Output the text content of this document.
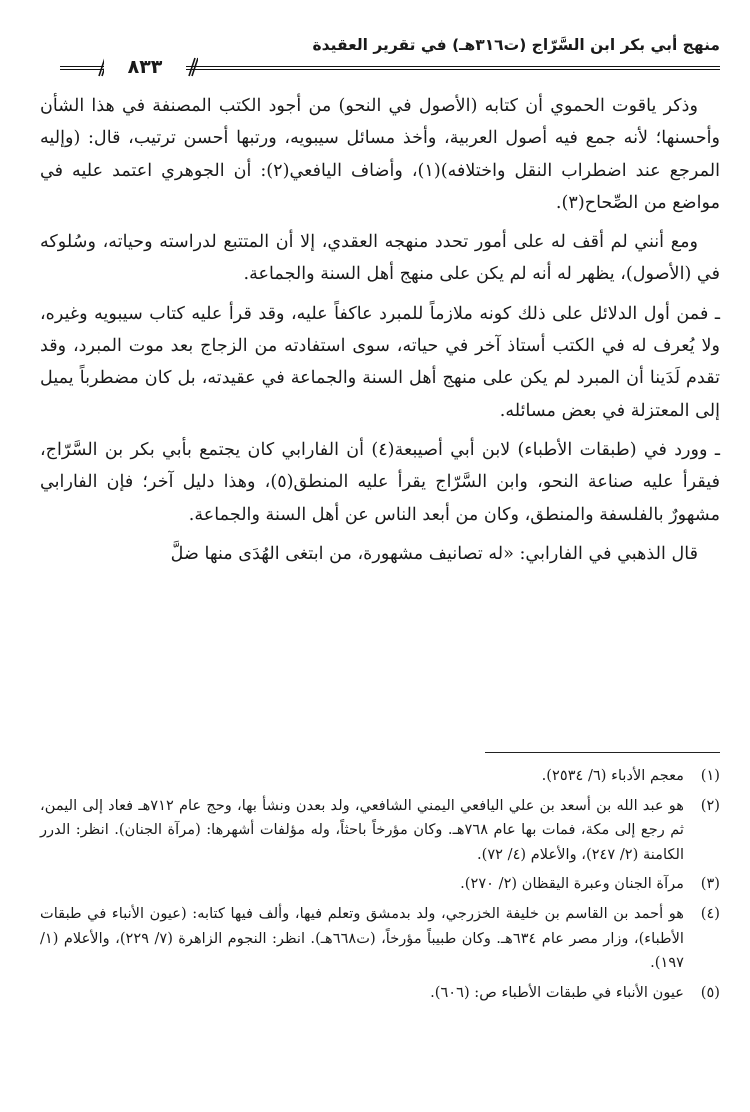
منهج أبي بكر ابن السَّرّاج (ت٣١٦هـ) في تقرير العقيدة
٨٣٣

وذكر ياقوت الحموي أن كتابه (الأصول في النحو) من أجود الكتب المصنفة في هذا الشأن وأحسنها؛ لأنه جمع فيه أصول العربية، وأخذ مسائل سيبويه، ورتبها أحسن ترتيب، قال: (وإليه المرجع عند اضطراب النقل واختلافه)(١)، وأضاف اليافعي(٢): أن الجوهري اعتمد عليه في مواضع من الصِّحاح(٣).

ومع أنني لم أقف له على أمور تحدد منهجه العقدي، إلا أن المتتبع لدراسته وحياته، وسُلوكه في (الأصول)، يظهر له أنه لم يكن على منهج أهل السنة والجماعة.

ـ فمن أول الدلائل على ذلك كونه ملازماً للمبرد عاكفاً عليه، وقد قرأ عليه كتاب سيبويه وغيره، ولا يُعرف له في الكتب أستاذ آخر في حياته، سوى استفادته من الزجاج بعد موت المبرد، وقد تقدم لَدَينا أن المبرد لم يكن على منهج أهل السنة والجماعة في عقيدته، بل كان مضطرباً يميل إلى المعتزلة في بعض مسائله.

ـ وورد في (طبقات الأطباء) لابن أبي أصيبعة(٤) أن الفارابي كان يجتمع بأبي بكر بن السَّرّاج، فيقرأ عليه صناعة النحو، وابن السَّرّاج يقرأ عليه المنطق(٥)، وهذا دليل آخر؛ فإن الفارابي مشهورٌ بالفلسفة والمنطق، وكان من أبعد الناس عن أهل السنة والجماعة.

قال الذهبي في الفارابي: «له تصانيف مشهورة، من ابتغى الهُدَى منها ضلَّ

(١)
معجم الأدباء (٦/ ٢٥٣٤).
(٢)
هو عبد الله بن أسعد بن علي اليافعي اليمني الشافعي، ولد بعدن ونشأ بها، وحج عام ٧١٢هـ فعاد إلى اليمن، ثم رجع إلى مكة، فمات بها عام ٧٦٨هـ. وكان مؤرخاً باحثاً، وله مؤلفات أشهرها: (مرآة الجنان). انظر: الدرر الكامنة (٢/ ٢٤٧)، والأعلام (٤/ ٧٢).
(٣)
مرآة الجنان وعبرة اليقظان (٢/ ٢٧٠).
(٤)
هو أحمد بن القاسم بن خليفة الخزرجي، ولد بدمشق وتعلم فيها، وألف فيها كتابه: (عيون الأنباء في طبقات الأطباء)، وزار مصر عام ٦٣٤هـ. وكان طبيباً مؤرخاً، (ت٦٦٨هـ). انظر: النجوم الزاهرة (٧/ ٢٢٩)، والأعلام (١/ ١٩٧).
(٥)
عيون الأنباء في طبقات الأطباء ص: (٦٠٦).
